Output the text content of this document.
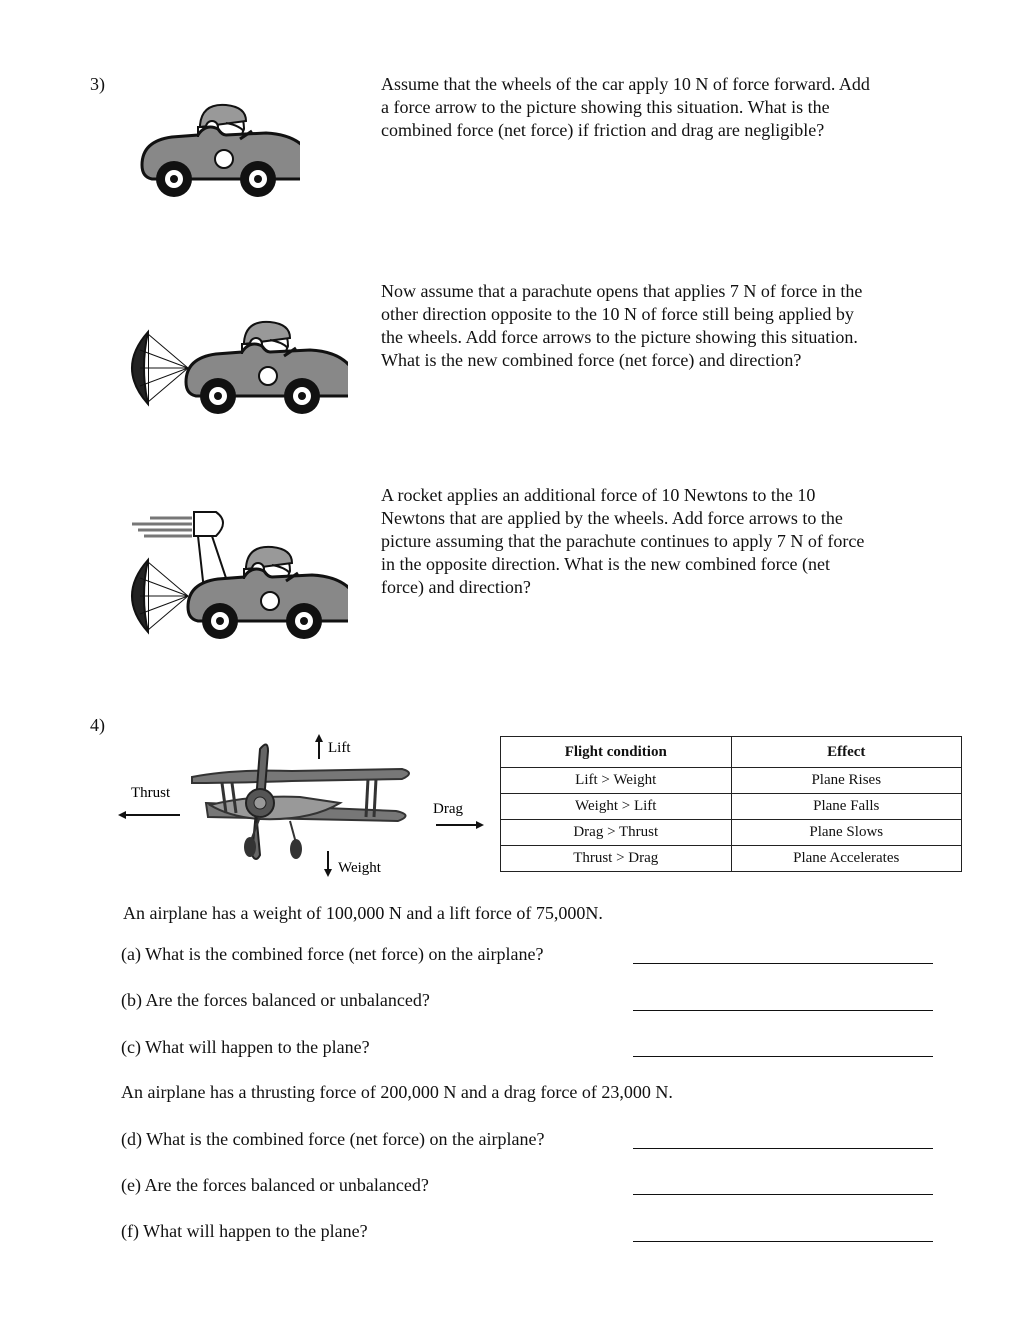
3)	Assume that the wheels of the car apply 10 N of force forward. Add
a force arrow to the picture showing this situation. What is the
combined force (net force) if friction and drag are negligible?
Now assume that a parachute opens that applies 7 N of force in the
other direction opposite to the 10 N of force still being applied by
the wheels. Add force arrows to the picture showing this situation.
What is the new combined force (net force) and direction?
A rocket applies an additional force of 10 Newtons to the 10
Newtons that are applied by the wheels. Add force arrows to the
picture assuming that the parachute continues to apply 7 N of force
in the opposite direction. What is the new combined force (net
force) and direction?
4)
Lift
Weight
Thrust
Drag
Flight condition	Effect
Lift > Weight	Plane Rises
Weight > Lift	Plane Falls
Drag > Thrust	Plane Slows
Thrust > Drag	Plane Accelerates
An airplane has a weight of 100,000 N and a lift force of 75,000N.
(a) What is the combined force (net force) on the airplane?
(b) Are the forces balanced or unbalanced?
(c) What will happen to the plane?
An airplane has a thrusting force of 200,000 N and a drag force of 23,000 N.
(d) What is the combined force (net force) on the airplane?
(e) Are the forces balanced or unbalanced?
(f) What will happen to the plane?
